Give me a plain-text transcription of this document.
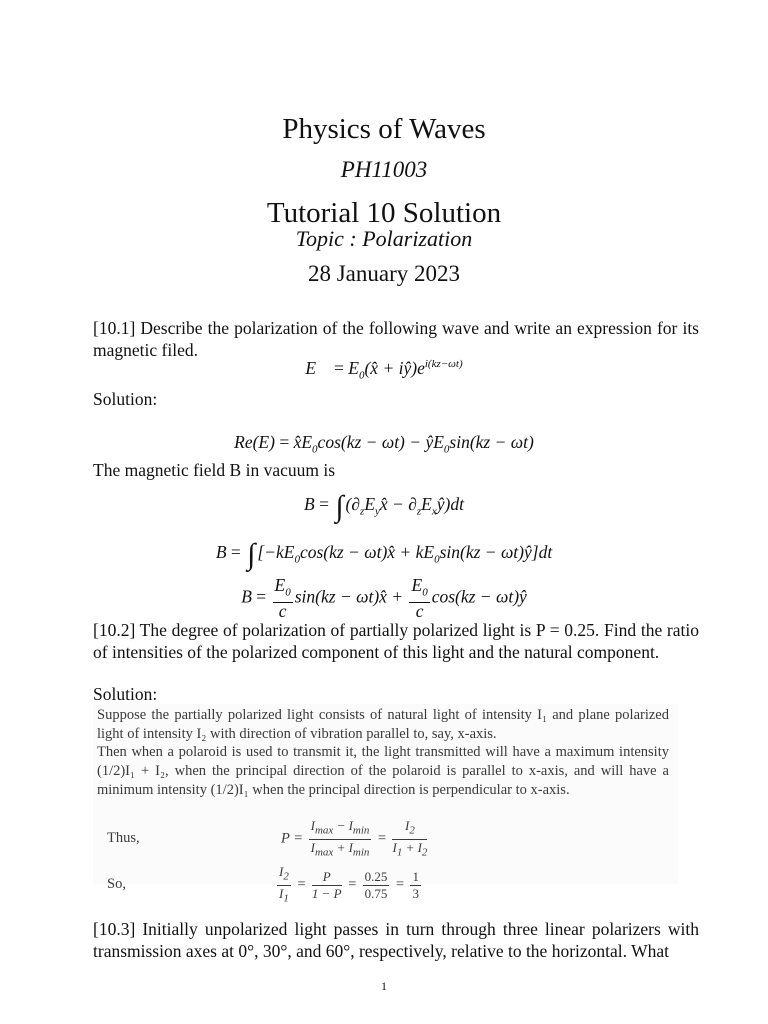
Physics of Waves
PH11003
Tutorial 10 Solution
Topic : Polarization
28 January 2023
[10.1] Describe the polarization of the following wave and write an expression for its magnetic filed.
E⃗ = $E_0(x̂$ + $iŷ)e^{i(kz-\omega t)}$
Solution:
$Re(E) = x̂E_0\cos(kz - \omega t)$ − $ŷE_0\sin(kz - \omega t)$
The magnetic field B in vacuum is
B = ∫ ($\partial_zE_yx̂$ − $\partial_zE_xŷ)dt$
B = ∫ [$-kE_0\cos(kz$ − ωt)x̂ + $kE_0\sin(kz$ − ωt)ŷ]dt
$B = \frac{E_0}{c} \sin(kz$ − ωt)x̂ + $\frac{E_0}{c} \cos(kz$ − ωt)ŷ
[10.2] The degree of polarization of partially polarized light is P = 0.25. Find the ratio of intensities of the polarized component of this light and the natural component.
Solution:
Suppose the partially polarized light consists of natural light of intensity I₁ and plane polarized light of intensity I₂ with direction of vibration parallel to, say, x-axis.
Then when a polaroid is used to transmit it, the light transmitted will have a maximum intensity (1/2)I₁ + I₂, when the principal direction of the polaroid is parallel to x-axis, and will have a minimum intensity (1/2)I₁ when the principal direction is perpendicular to x-axis.
Thus,	$P = \frac{I_{max} - I_{min}}{I_{max} + I_{min}} = \frac{I_2}{I_1 + I_2}$
So,	$\frac{I_2}{I_1} = \frac{P}{1 - P} = \frac{0.25}{0.75} = \frac{1}{3}$
[10.3] Initially unpolarized light passes in turn through three linear polarizers with transmission axes at 0°, 30°, and 60°, respectively, relative to the horizontal. What
1
